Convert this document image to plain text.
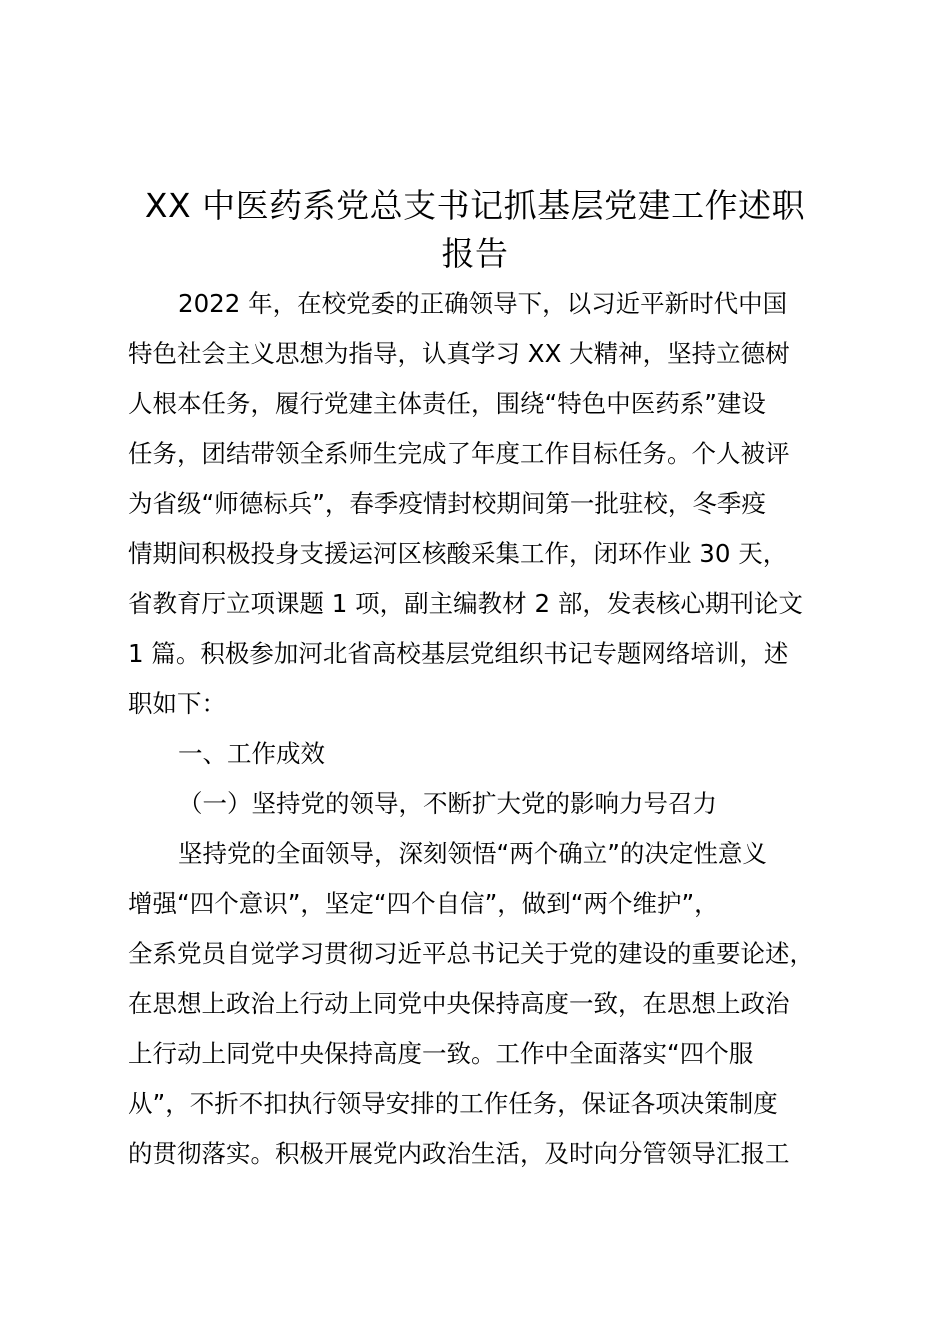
XX 中医药系党总支书记抓基层党建工作述职
报告
2022 年，在校党委的正确领导下，以习近平新时代中国
特色社会主义思想为指导，认真学习 XX 大精神，坚持立德树
人根本任务，履行党建主体责任，围绕“特色中医药系”建设
任务，团结带领全系师生完成了年度工作目标任务。个人被评
为省级“师德标兵”，春季疫情封校期间第一批驻校，冬季疫
情期间积极投身支援运河区核酸采集工作，闭环作业 30 天，
省教育厅立项课题 1 项，副主编教材 2 部，发表核心期刊论文
1 篇。积极参加河北省高校基层党组织书记专题网络培训，述
职如下：
一、工作成效
（一）坚持党的领导，不断扩大党的影响力号召力
坚持党的全面领导，深刻领悟“两个确立”的决定性意义
增强“四个意识”，坚定“四个自信”，做到“两个维护”，
全系党员自觉学习贯彻习近平总书记关于党的建设的重要论述，
在思想上政治上行动上同党中央保持高度一致，在思想上政治
上行动上同党中央保持高度一致。工作中全面落实“四个服
从”，不折不扣执行领导安排的工作任务，保证各项决策制度
的贯彻落实。积极开展党内政治生活，及时向分管领导汇报工
